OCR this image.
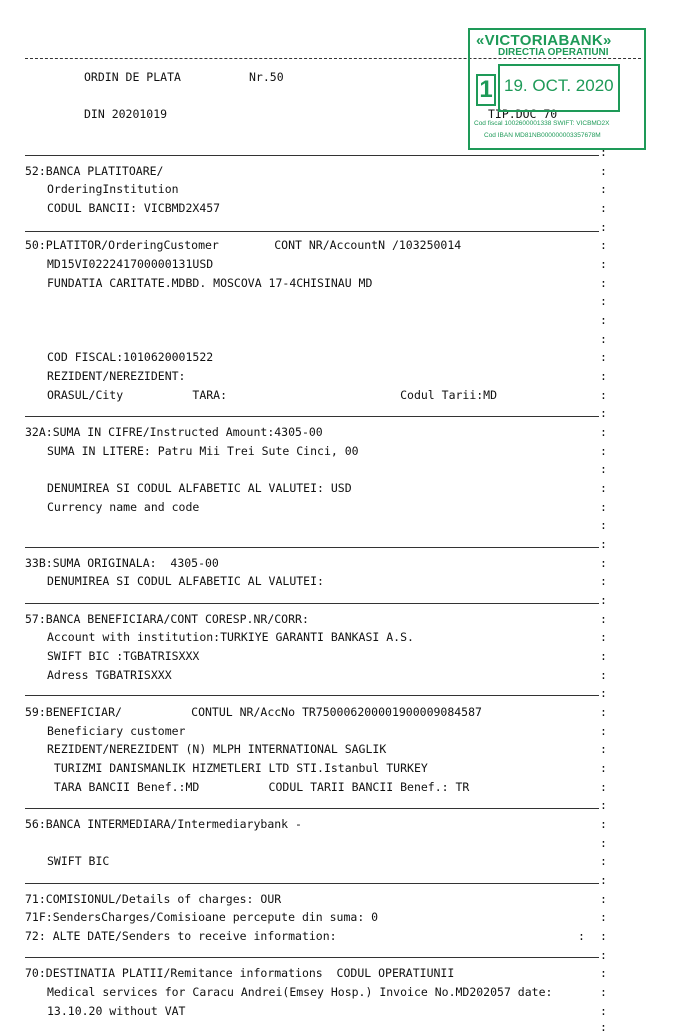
ORDIN DE PLATA	Nr.50
DIN 20201019	TIP.DOC 70
«VICTORIABANK»
DIRECTIA OPERATIUNI
1 19. OCT. 2020
Cod fiscal 1002600001338 SWIFT: VICBMD2X
Cod IBAN MD81NB000000003357678M
:
:
:
:
:
:
:
:
:
:
:
:
:
:
:
:
:
:
:
:
:
:
:
:
:
:
:
:
:
:
:
:
:
:
:
:
:
:
:
:
:
:
:
:
:
:
:
:
52:BANCA PLATITOARE/
OrderingInstitution
CODUL BANCII: VICBMD2X457
50:PLATITOR/OrderingCustomer        CONT NR/AccountN /103250014
MD15VI022241700000131USD
FUNDATIA CARITATE.MDBD. MOSCOVA 17-4CHISINAU MD
COD FISCAL:1010620001522
REZIDENT/NEREZIDENT:
ORASUL/City          TARA:                         Codul Tarii:MD
32A:SUMA IN CIFRE/Instructed Amount:4305-00
SUMA IN LITERE: Patru Mii Trei Sute Cinci, 00
DENUMIREA SI CODUL ALFABETIC AL VALUTEI: USD
Currency name and code
33B:SUMA ORIGINALA:  4305-00
DENUMIREA SI CODUL ALFABETIC AL VALUTEI:
57:BANCA BENEFICIARA/CONT CORESP.NR/CORR:
Account with institution:TURKIYE GARANTI BANKASI A.S.
SWIFT BIC :TGBATRISXXX
Adress TGBATRISXXX
59:BENEFICIAR/          CONTUL NR/AccNo TR750006200001900009084587
Beneficiary customer
REZIDENT/NEREZIDENT (N) MLPH INTERNATIONAL SAGLIK
TURIZMI DANISMANLIK HIZMETLERI LTD STI.Istanbul TURKEY
TARA BANCII Benef.:MD          CODUL TARII BANCII Benef.: TR
56:BANCA INTERMEDIARA/Intermediarybank -
SWIFT BIC
71:COMISIONUL/Details of charges: OUR
71F:SendersCharges/Comisioane percepute din suma: 0
72: ALTE DATE/Senders to receive information:	:
70:DESTINATIA PLATII/Remitance informations  CODUL OPERATIUNII
Medical services for Caracu Andrei(Emsey Hosp.) Invoice No.MD202057 date:
13.10.20 without VAT
